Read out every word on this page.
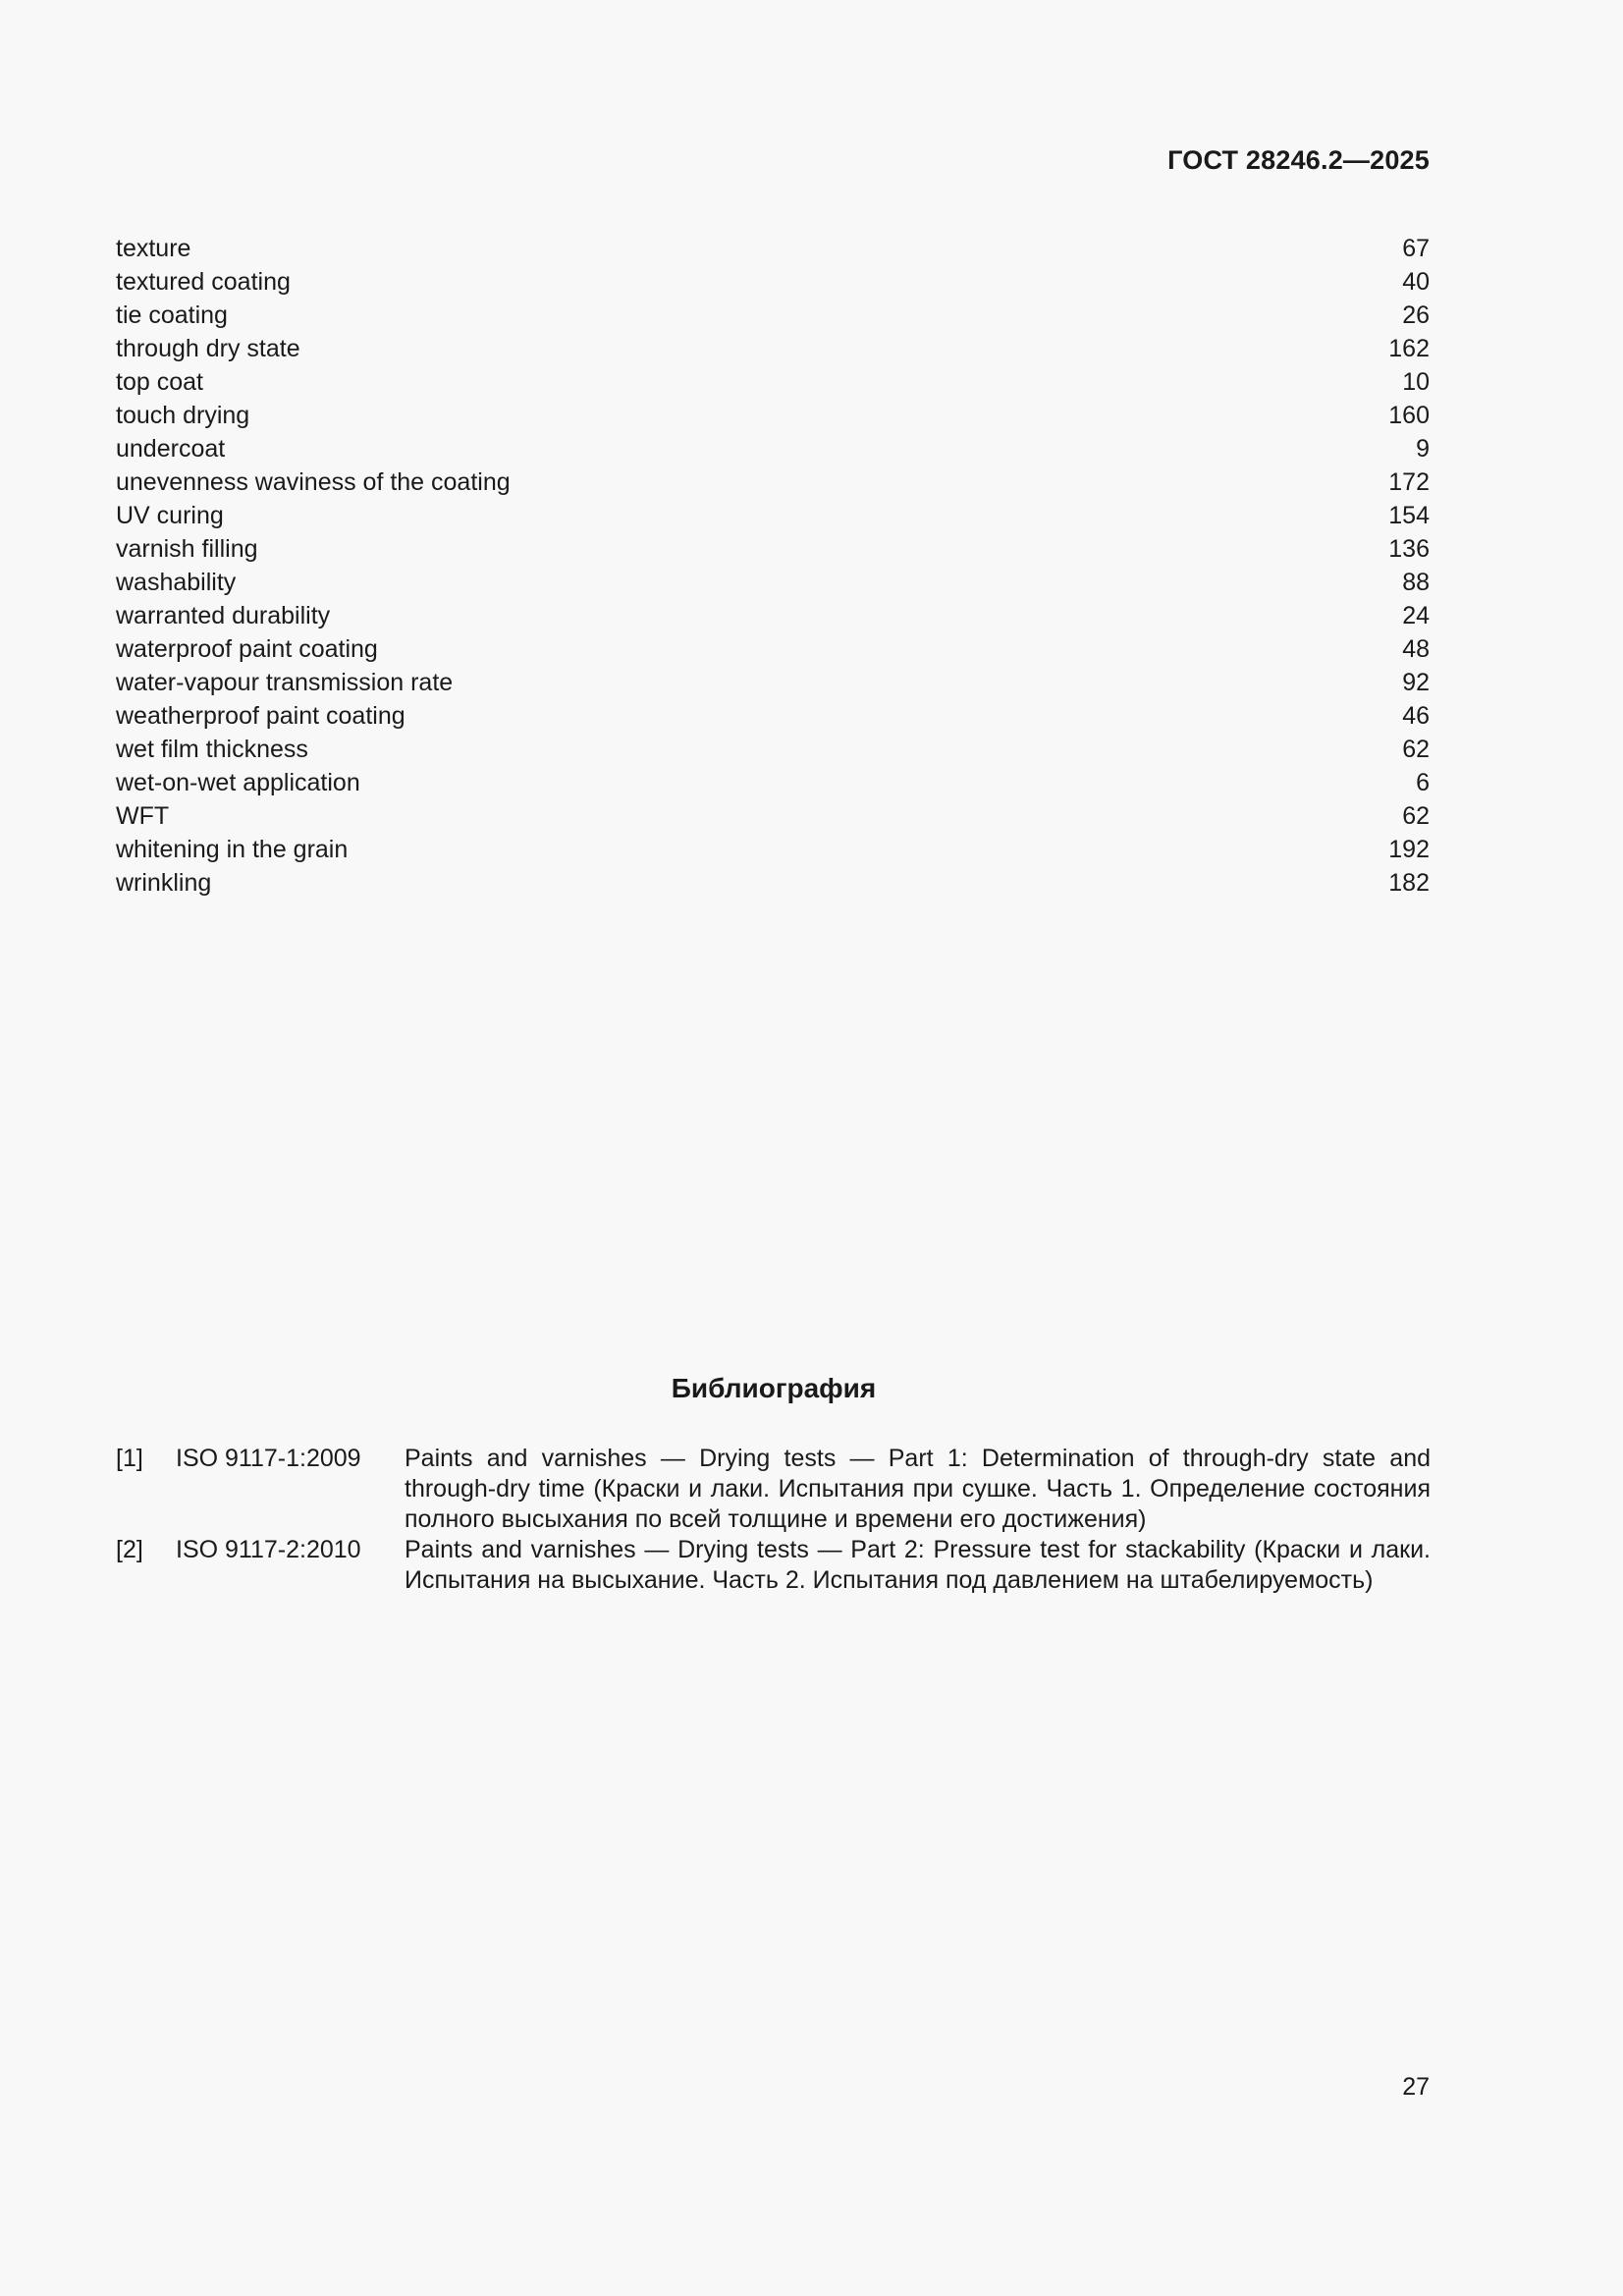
ГОСТ 28246.2—2025
texture	67
textured coating	40
tie coating	26
through dry state	162
top coat	10
touch drying	160
undercoat	9
unevenness waviness of the coating	172
UV curing	154
varnish filling	136
washability	88
warranted durability	24
waterproof paint coating	48
water-vapour transmission rate	92
weatherproof paint coating	46
wet film thickness	62
wet-on-wet application	6
WFT	62
whitening in the grain	192
wrinkling	182
Библиография
[1]	ISO 9117-1:2009	Paints and varnishes — Drying tests — Part 1: Determination of through-dry state and through-dry time (Краски и лаки. Испытания при сушке. Часть 1. Определение состояния полного высыхания по всей толщине и времени его достижения)
[2]	ISO 9117-2:2010	Paints and varnishes — Drying tests — Part 2: Pressure test for stackability (Краски и лаки. Испытания на высыхание. Часть 2. Испытания под давлением на штабелируемость)
27
